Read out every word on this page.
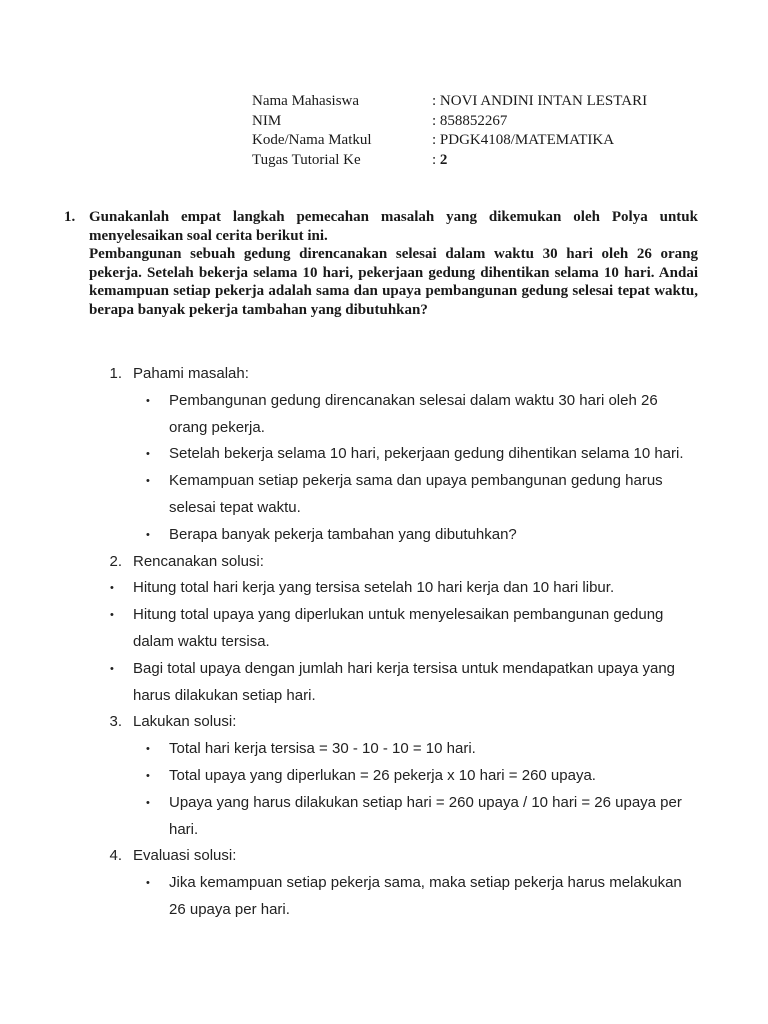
Nama Mahasiswa	: NOVI ANDINI INTAN LESTARI
NIM	: 858852267
Kode/Nama Matkul	: PDGK4108/MATEMATIKA
Tugas Tutorial Ke	: 2
1. Gunakanlah empat langkah pemecahan masalah yang dikemukan oleh Polya untuk menyelesaikan soal cerita berikut ini.

Pembangunan sebuah gedung direncanakan selesai dalam waktu 30 hari oleh 26 orang pekerja. Setelah bekerja selama 10 hari, pekerjaan gedung dihentikan selama 10 hari. Andai kemampuan setiap pekerja adalah sama dan upaya pembangunan gedung selesai tepat waktu, berapa banyak pekerja tambahan yang dibutuhkan?

1. Pahami masalah:
• Pembangunan gedung direncanakan selesai dalam waktu 30 hari oleh 26
orang pekerja.
• Setelah bekerja selama 10 hari, pekerjaan gedung dihentikan selama 10 hari.
• Kemampuan setiap pekerja sama dan upaya pembangunan gedung harus
selesai tepat waktu.
• Berapa banyak pekerja tambahan yang dibutuhkan?
2. Rencanakan solusi:
• Hitung total hari kerja yang tersisa setelah 10 hari kerja dan 10 hari libur.
• Hitung total upaya yang diperlukan untuk menyelesaikan pembangunan gedung
dalam waktu tersisa.
• Bagi total upaya dengan jumlah hari kerja tersisa untuk mendapatkan upaya yang
harus dilakukan setiap hari.
3. Lakukan solusi:
• Total hari kerja tersisa = 30 - 10 - 10 = 10 hari.
• Total upaya yang diperlukan = 26 pekerja x 10 hari = 260 upaya.
• Upaya yang harus dilakukan setiap hari = 260 upaya / 10 hari = 26 upaya per
hari.
4. Evaluasi solusi:
• Jika kemampuan setiap pekerja sama, maka setiap pekerja harus melakukan
26 upaya per hari.
